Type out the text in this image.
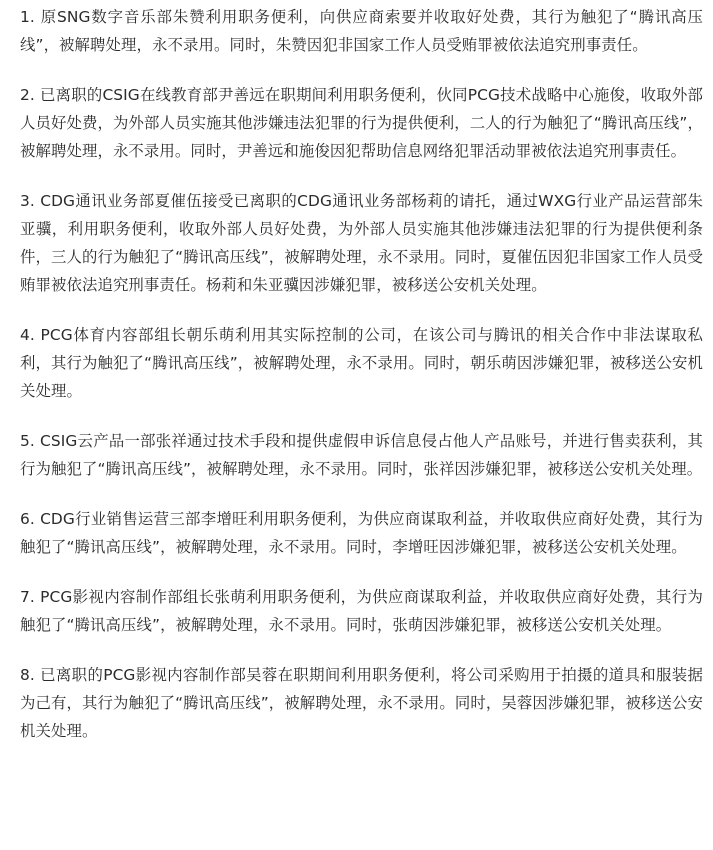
1. 原SNG数字音乐部朱赞利用职务便利，向供应商索要并收取好处费，其行为触犯了“腾讯高压线”，被解聘处理，永不录用。同时，朱赞因犯非国家工作人员受贿罪被依法追究刑事责任。

2. 已离职的CSIG在线教育部尹善远在职期间利用职务便利，伙同PCG技术战略中心施俊，收取外部人员好处费，为外部人员实施其他涉嫌违法犯罪的行为提供便利，二人的行为触犯了“腾讯高压线”，被解聘处理，永不录用。同时，尹善远和施俊因犯帮助信息网络犯罪活动罪被依法追究刑事责任。

3. CDG通讯业务部夏催伍接受已离职的CDG通讯业务部杨莉的请托，通过WXG行业产品运营部朱亚骥，利用职务便利，收取外部人员好处费，为外部人员实施其他涉嫌违法犯罪的行为提供便利条件，三人的行为触犯了“腾讯高压线”，被解聘处理，永不录用。同时，夏催伍因犯非国家工作人员受贿罪被依法追究刑事责任。杨莉和朱亚骥因涉嫌犯罪，被移送公安机关处理。

4. PCG体育内容部组长朝乐萌利用其实际控制的公司，在该公司与腾讯的相关合作中非法谋取私利，其行为触犯了“腾讯高压线”，被解聘处理，永不录用。同时，朝乐萌因涉嫌犯罪，被移送公安机关处理。

5. CSIG云产品一部张祥通过技术手段和提供虚假申诉信息侵占他人产品账号，并进行售卖获利，其行为触犯了“腾讯高压线”，被解聘处理，永不录用。同时，张祥因涉嫌犯罪，被移送公安机关处理。

6. CDG行业销售运营三部李增旺利用职务便利，为供应商谋取利益，并收取供应商好处费，其行为触犯了“腾讯高压线”，被解聘处理，永不录用。同时，李增旺因涉嫌犯罪，被移送公安机关处理。

7. PCG影视内容制作部组长张萌利用职务便利，为供应商谋取利益，并收取供应商好处费，其行为触犯了“腾讯高压线”，被解聘处理，永不录用。同时，张萌因涉嫌犯罪，被移送公安机关处理。

8. 已离职的PCG影视内容制作部吴蓉在职期间利用职务便利，将公司采购用于拍摄的道具和服装据为己有，其行为触犯了“腾讯高压线”，被解聘处理，永不录用。同时，吴蓉因涉嫌犯罪，被移送公安机关处理。
